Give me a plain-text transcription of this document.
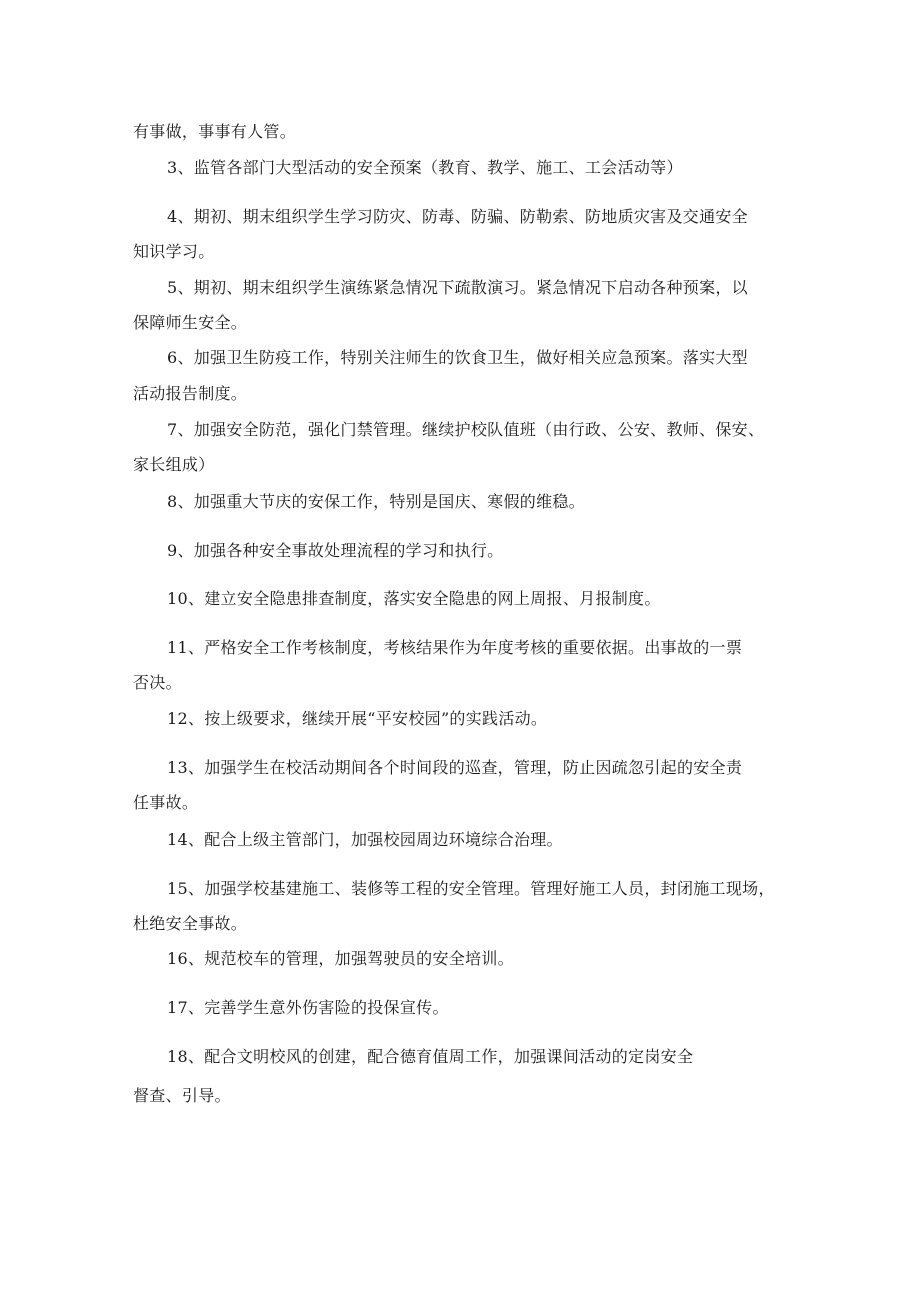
有事做，事事有人管。
3、监管各部门大型活动的安全预案（教育、教学、施工、工会活动等）
4、期初、期末组织学生学习防灾、防毒、防骗、防勒索、防地质灾害及交通安全
知识学习。
5、期初、期末组织学生演练紧急情况下疏散演习。紧急情况下启动各种预案，以
保障师生安全。
6、加强卫生防疫工作，特别关注师生的饮食卫生，做好相关应急预案。落实大型
活动报告制度。
7、加强安全防范，强化门禁管理。继续护校队值班（由行政、公安、教师、保安、
家长组成）
8、加强重大节庆的安保工作，特别是国庆、寒假的维稳。
9、加强各种安全事故处理流程的学习和执行。
10、建立安全隐患排查制度，落实安全隐患的网上周报、月报制度。
11、严格安全工作考核制度，考核结果作为年度考核的重要依据。出事故的一票
否决。
12、按上级要求，继续开展“平安校园”的实践活动。
13、加强学生在校活动期间各个时间段的巡查，管理，防止因疏忽引起的安全责
任事故。
14、配合上级主管部门，加强校园周边环境综合治理。
15、加强学校基建施工、装修等工程的安全管理。管理好施工人员，封闭施工现场，
杜绝安全事故。
16、规范校车的管理，加强驾驶员的安全培训。
17、完善学生意外伤害险的投保宣传。
18、配合文明校风的创建，配合德育值周工作，加强课间活动的定岗安全
督查、引导。
